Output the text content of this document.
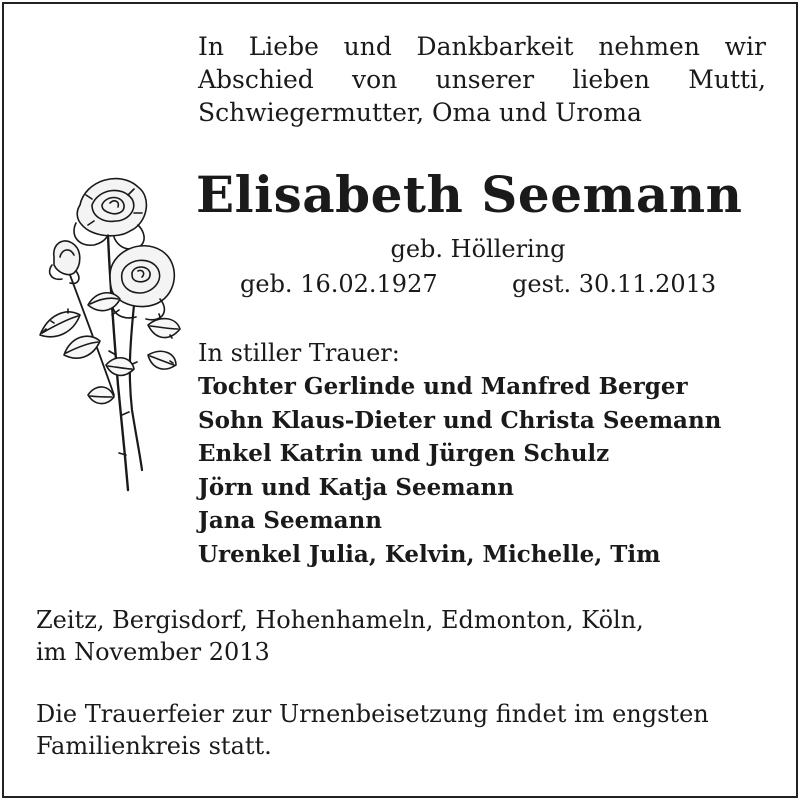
In Liebe und Dankbarkeit nehmen wir
Abschied von unserer lieben Mutti,
Schwiegermutter, Oma und Uroma
Elisabeth Seemann
geb. Höllering
geb. 16.02.1927	gest. 30.11.2013
In stiller Trauer:
Tochter Gerlinde und Manfred Berger
Sohn Klaus-Dieter und Christa Seemann
Enkel Katrin und Jürgen Schulz
Jörn und Katja Seemann
Jana Seemann
Urenkel Julia, Kelvin, Michelle, Tim
Zeitz, Bergisdorf, Hohenhameln, Edmonton, Köln,
im November 2013
Die Trauerfeier zur Urnenbeisetzung findet im engsten
Familienkreis statt.
